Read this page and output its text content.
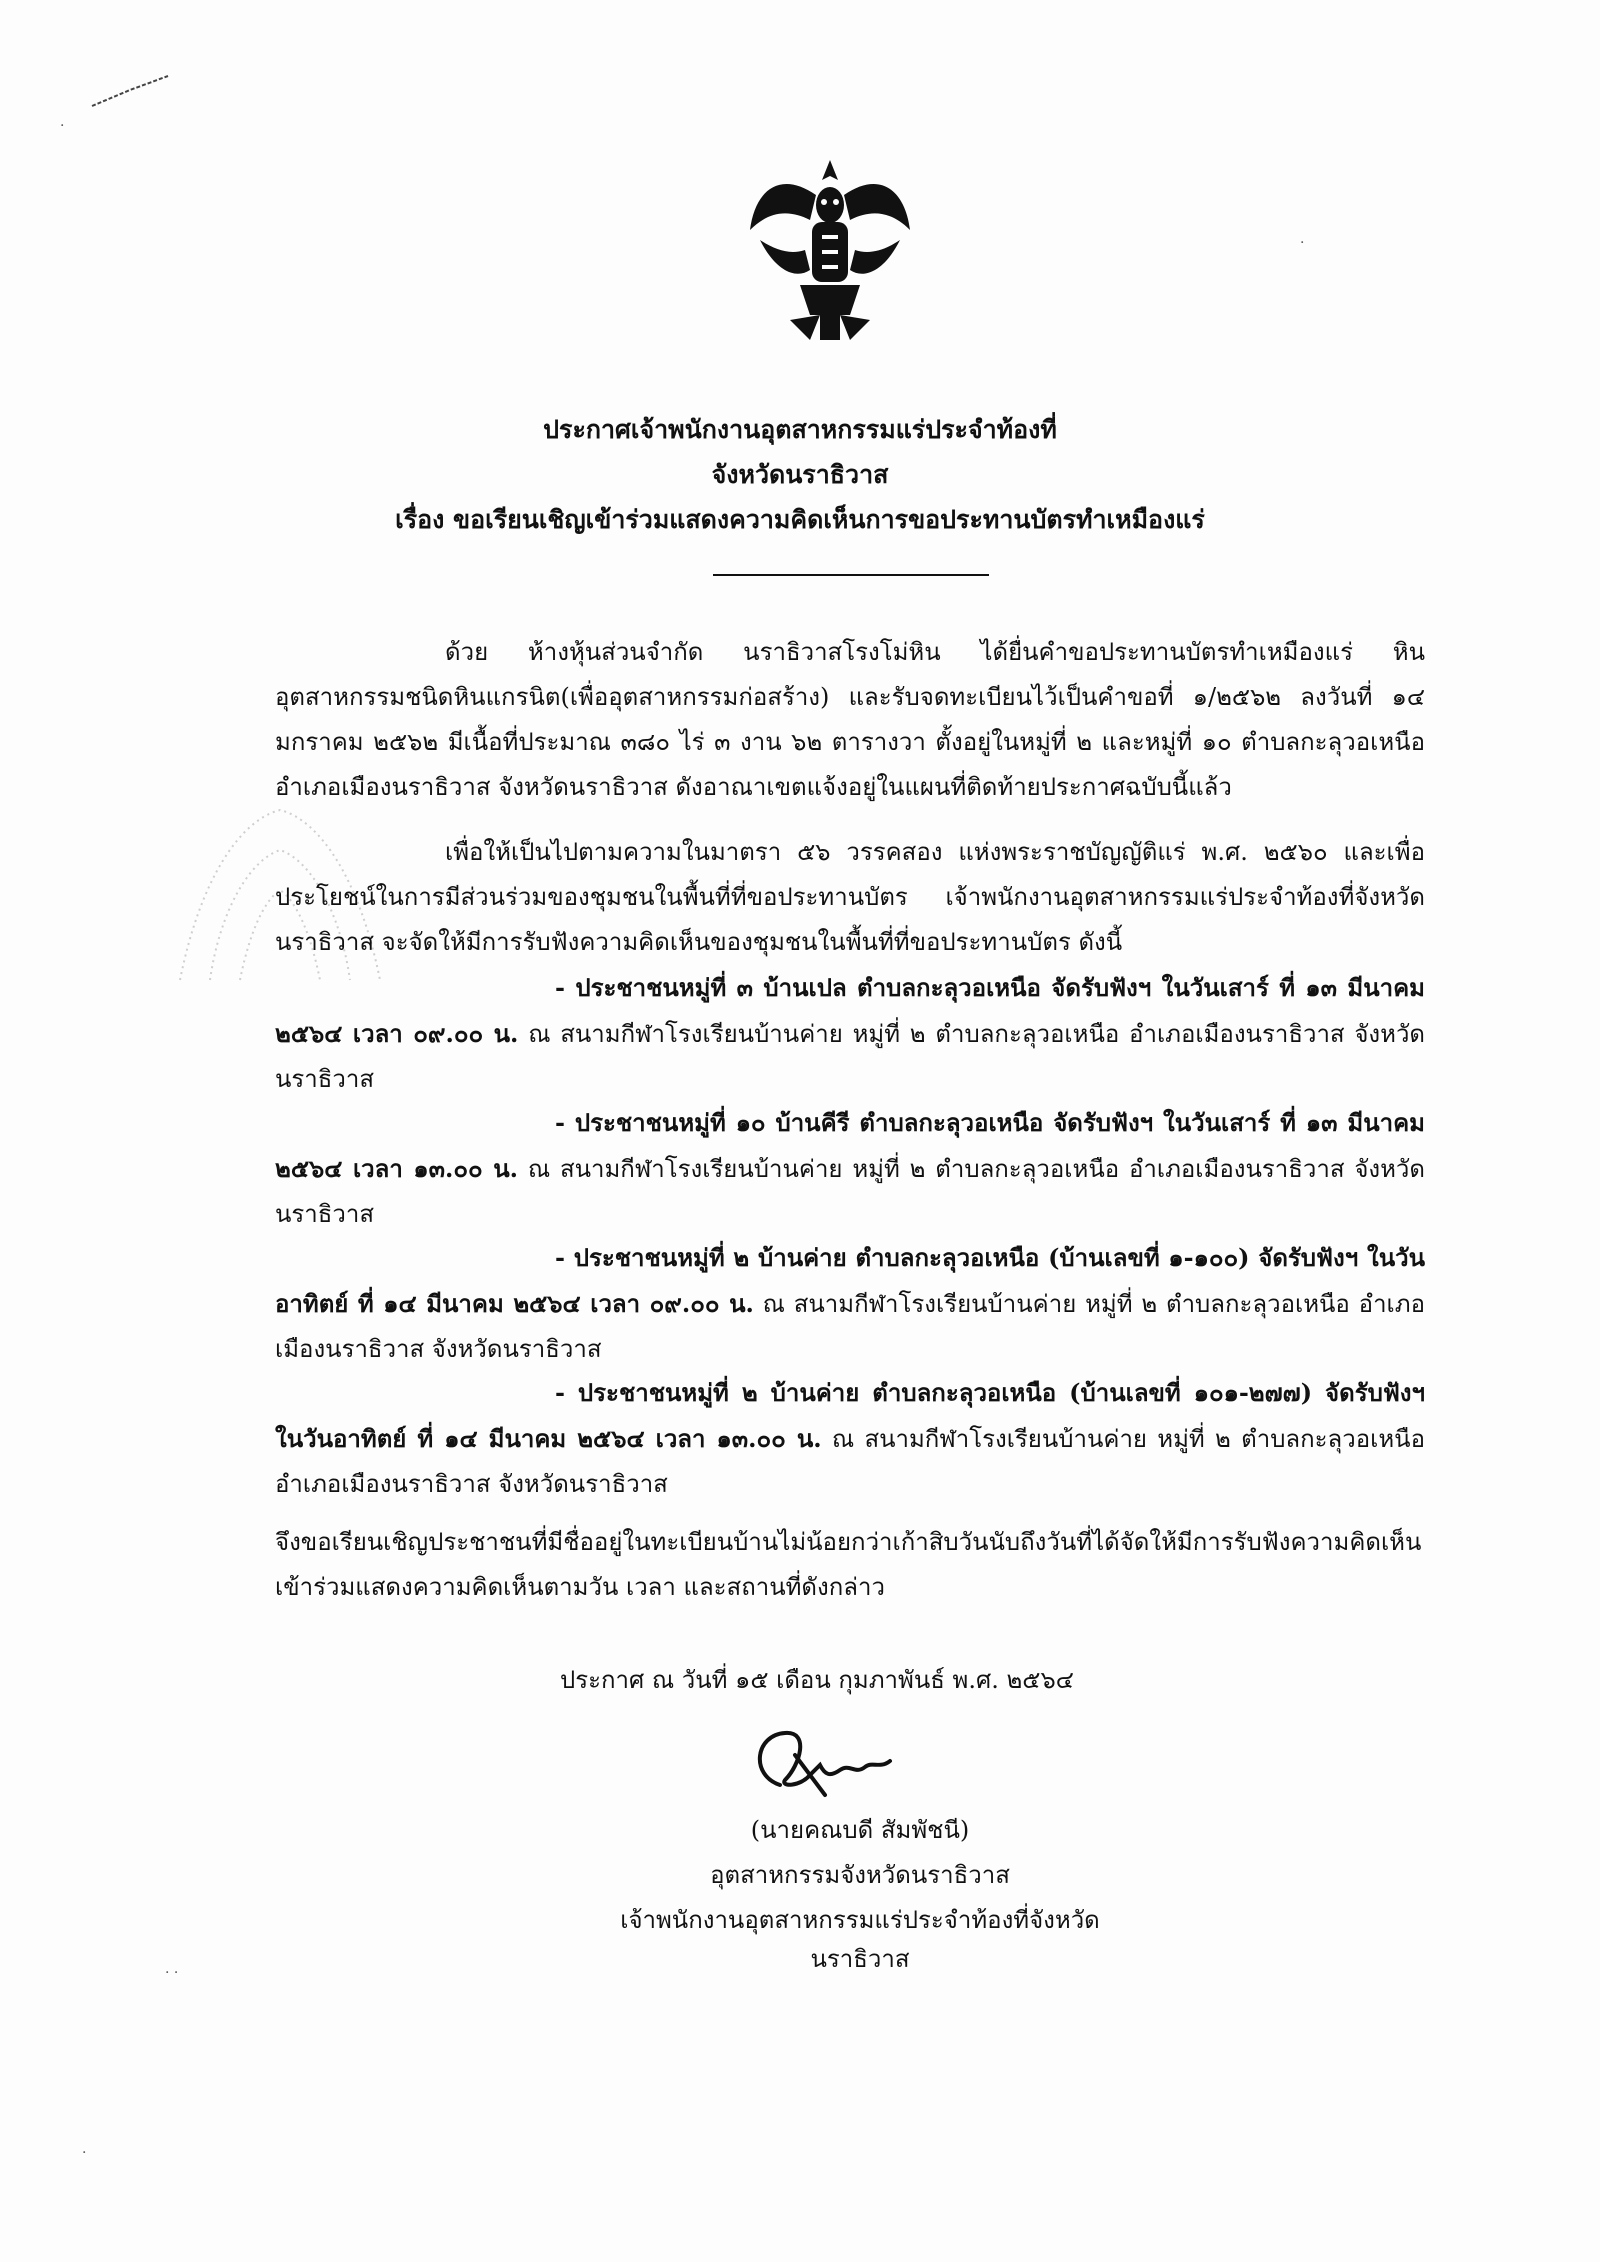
ประกาศเจ้าพนักงานอุตสาหกรรมแร่ประจำท้องที่
จังหวัดนราธิวาส
เรื่อง ขอเรียนเชิญเข้าร่วมแสดงความคิดเห็นการขอประทานบัตรทำเหมืองแร่
ด้วย ห้างหุ้นส่วนจำกัด นราธิวาสโรงโม่หิน ได้ยื่นคำขอประทานบัตรทำเหมืองแร่ หินอุตสาหกรรมชนิดหินแกรนิต(เพื่ออุตสาหกรรมก่อสร้าง) และรับจดทะเบียนไว้เป็นคำขอที่ ๑/๒๕๖๒ ลงวันที่ ๑๔ มกราคม ๒๕๖๒ มีเนื้อที่ประมาณ ๓๘๐ ไร่ ๓ งาน ๖๒ ตารางวา ตั้งอยู่ในหมู่ที่ ๒ และหมู่ที่ ๑๐ ตำบลกะลุวอเหนือ อำเภอเมืองนราธิวาส จังหวัดนราธิวาส ดังอาณาเขตแจ้งอยู่ในแผนที่ติดท้ายประกาศฉบับนี้แล้ว
เพื่อให้เป็นไปตามความในมาตรา ๕๖ วรรคสอง แห่งพระราชบัญญัติแร่ พ.ศ. ๒๕๖๐ และเพื่อประโยชน์ในการมีส่วนร่วมของชุมชนในพื้นที่ที่ขอประทานบัตร เจ้าพนักงานอุตสาหกรรมแร่ประจำท้องที่จังหวัดนราธิวาส จะจัดให้มีการรับฟังความคิดเห็นของชุมชนในพื้นที่ที่ขอประทานบัตร ดังนี้
- ประชาชนหมู่ที่ ๓ บ้านเปล ตำบลกะลุวอเหนือ จัดรับฟังฯ ในวันเสาร์ ที่ ๑๓ มีนาคม ๒๕๖๔ เวลา ๐๙.๐๐ น. ณ สนามกีฬาโรงเรียนบ้านค่าย หมู่ที่ ๒ ตำบลกะลุวอเหนือ อำเภอเมืองนราธิวาส จังหวัดนราธิวาส
- ประชาชนหมู่ที่ ๑๐ บ้านคีรี ตำบลกะลุวอเหนือ จัดรับฟังฯ ในวันเสาร์ ที่ ๑๓ มีนาคม ๒๕๖๔ เวลา ๑๓.๐๐ น. ณ สนามกีฬาโรงเรียนบ้านค่าย หมู่ที่ ๒ ตำบลกะลุวอเหนือ อำเภอเมืองนราธิวาส จังหวัดนราธิวาส
- ประชาชนหมู่ที่ ๒ บ้านค่าย ตำบลกะลุวอเหนือ (บ้านเลขที่ ๑-๑๐๐) จัดรับฟังฯ ในวันอาทิตย์ ที่ ๑๔ มีนาคม ๒๕๖๔ เวลา ๐๙.๐๐ น. ณ สนามกีฬาโรงเรียนบ้านค่าย หมู่ที่ ๒ ตำบลกะลุวอเหนือ อำเภอเมืองนราธิวาส จังหวัดนราธิวาส
- ประชาชนหมู่ที่ ๒ บ้านค่าย ตำบลกะลุวอเหนือ (บ้านเลขที่ ๑๐๑-๒๗๗) จัดรับฟังฯ ในวันอาทิตย์ ที่ ๑๔ มีนาคม ๒๕๖๔ เวลา ๑๓.๐๐ น. ณ สนามกีฬาโรงเรียนบ้านค่าย หมู่ที่ ๒ ตำบลกะลุวอเหนือ อำเภอเมืองนราธิวาส จังหวัดนราธิวาส
จึงขอเรียนเชิญประชาชนที่มีชื่ออยู่ในทะเบียนบ้านไม่น้อยกว่าเก้าสิบวันนับถึงวันที่ได้จัดให้มีการรับฟังความคิดเห็น เข้าร่วมแสดงความคิดเห็นตามวัน เวลา และสถานที่ดังกล่าว
ประกาศ ณ วันที่ ๑๕ เดือน กุมภาพันธ์ พ.ศ. ๒๕๖๔
(นายคณบดี สัมพัชนี)
อุตสาหกรรมจังหวัดนราธิวาส
เจ้าพนักงานอุตสาหกรรมแร่ประจำท้องที่จังหวัดนราธิวาส
·
·
· ·
·
